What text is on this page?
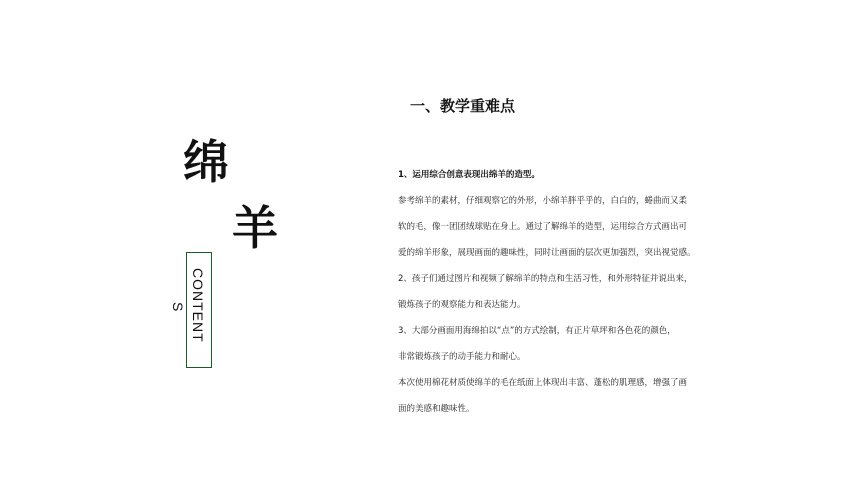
绵
羊
CONTENT
S
一、教学重难点
1、运用综合创意表现出绵羊的造型。
参考绵羊的素材，仔细观察它的外形，小绵羊胖乎乎的，白白的，蜷曲而又柔
软的毛，像一团团绒球贴在身上。通过了解绵羊的造型，运用综合方式画出可
爱的绵羊形象，展现画面的趣味性，同时让画面的层次更加强烈，突出视觉感。
2、孩子们通过图片和视频了解绵羊的特点和生活习性，和外形特征并说出来，
锻炼孩子的观察能力和表达能力。
3、大部分画面用海绵拍以“点”的方式绘制，有正片草坪和各色花的颜色，
非常锻炼孩子的动手能力和耐心。
本次使用棉花材质使绵羊的毛在纸面上体现出丰富、蓬松的肌理感，增强了画
面的美感和趣味性。
